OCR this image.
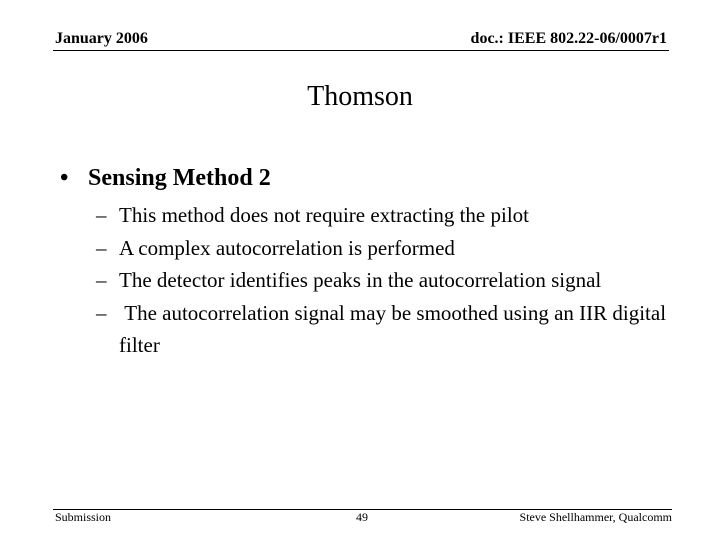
January 2006	doc.: IEEE 802.22-06/0007r1
Thomson
• Sensing Method 2
– This method does not require extracting the pilot
– A complex autocorrelation is performed
– The detector identifies peaks in the autocorrelation signal
– The autocorrelation signal may be smoothed using an IIR digital filter
Submission	49	Steve Shellhammer, Qualcomm
